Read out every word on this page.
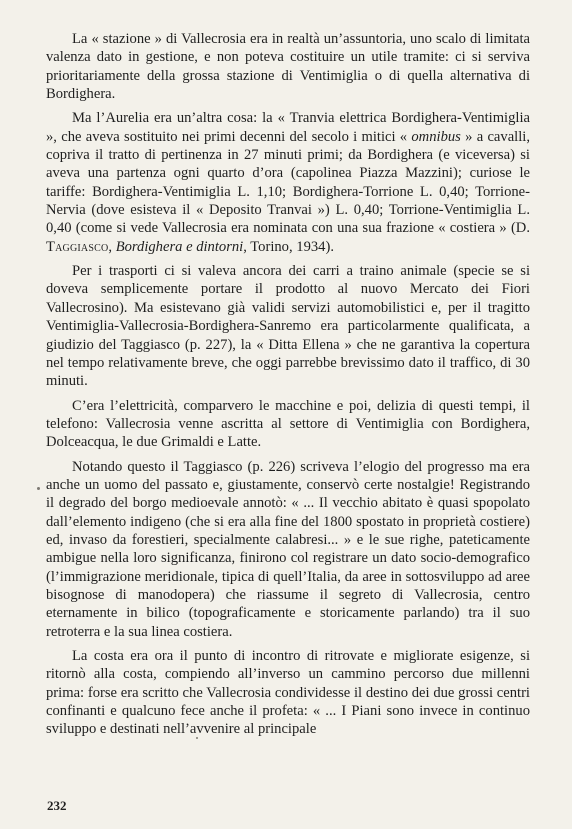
La « stazione » di Vallecrosia era in realtà un’assuntoria, uno scalo di limitata valenza dato in gestione, e non poteva costituire un utile tramite: ci si serviva prioritariamente della grossa stazione di Ventimiglia o di quella alternativa di Bordighera.

Ma l’Aurelia era un’altra cosa: la « Tranvia elettrica Bordighera-Ventimiglia », che aveva sostituito nei primi decenni del secolo i mitici « omnibus » a cavalli, copriva il tratto di pertinenza in 27 minuti primi; da Bordighera (e viceversa) si aveva una partenza ogni quarto d’ora (capolinea Piazza Mazzini); curiose le tariffe: Bordighera-Ventimiglia L. 1,10; Bordighera-Torrione L. 0,40; Torrione-Nervia (dove esisteva il « Deposito Tranvai ») L. 0,40; Torrione-Ventimiglia L. 0,40 (come si vede Vallecrosia era nominata con una sua frazione « costiera » (D. Taggiasco, Bordighera e dintorni, Torino, 1934).

Per i trasporti ci si valeva ancora dei carri a traino animale (specie se si doveva semplicemente portare il prodotto al nuovo Mercato dei Fiori Vallecrosino). Ma esistevano già validi servizi automobilistici e, per il tragitto Ventimiglia-Vallecrosia-Bordighera-Sanremo era particolarmente qualificata, a giudizio del Taggiasco (p. 227), la « Ditta Ellena » che ne garantiva la copertura nel tempo relativamente breve, che oggi parrebbe brevissimo dato il traffico, di 30 minuti.

C’era l’elettricità, comparvero le macchine e poi, delizia di questi tempi, il telefono: Vallecrosia venne ascritta al settore di Ventimiglia con Bordighera, Dolceacqua, le due Grimaldi e Latte.

Notando questo il Taggiasco (p. 226) scriveva l’elogio del progresso ma era anche un uomo del passato e, giustamente, conservò certe nostalgie! Registrando il degrado del borgo medioevale annotò: « ... Il vecchio abitato è quasi spopolato dall’elemento indigeno (che si era alla fine del 1800 spostato in proprietà costiere) ed, invaso da forestieri, specialmente calabresi... » e le sue righe, pateticamente ambigue nella loro significanza, finirono col registrare un dato socio-demografico (l’immigrazione meridionale, tipica di quell’Italia, da aree in sottosviluppo ad aree bisognose di manodopera) che riassume il segreto di Vallecrosia, centro eternamente in bilico (topograficamente e storicamente parlando) tra il suo retroterra e la sua linea costiera.

La costa era ora il punto di incontro di ritrovate e migliorate esigenze, si ritornò alla costa, compiendo all’inverso un cammino percorso due millenni prima: forse era scritto che Vallecrosia condividesse il destino dei due grossi centri confinanti e qualcuno fece anche il profeta: « ... I Piani sono invece in continuo sviluppo e destinati nell’avvenire al principale

232
